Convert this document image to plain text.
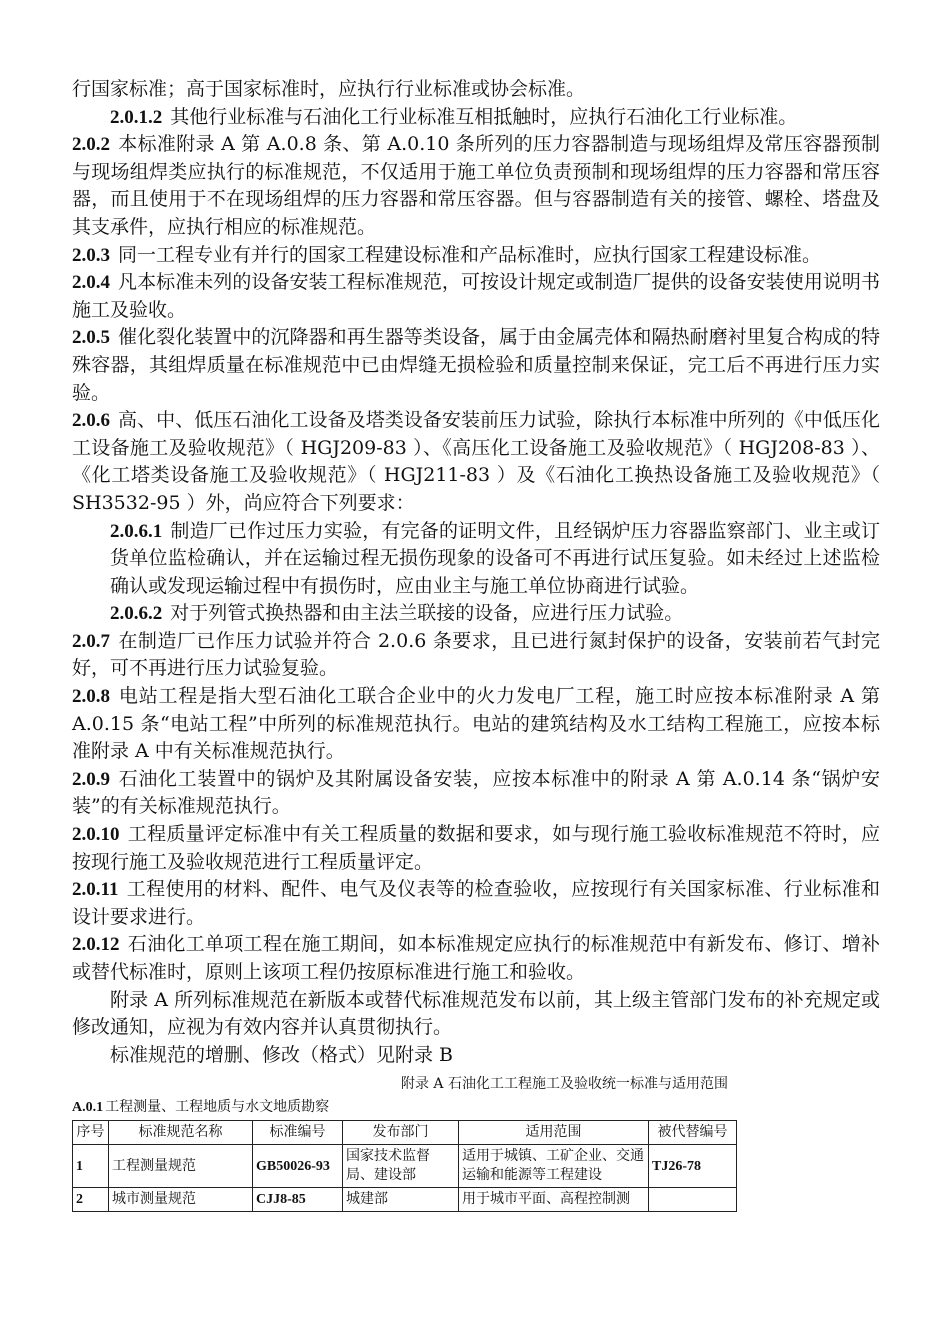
行国家标准；高于国家标准时，应执行行业标准或协会标准。
2.0.1.2 其他行业标准与石油化工行业标准互相抵触时，应执行石油化工行业标准。
2.0.2 本标准附录 A 第 A.0.8 条、第 A.0.10 条所列的压力容器制造与现场组焊及常压容器预制与现场组焊类应执行的标准规范，不仅适用于施工单位负责预制和现场组焊的压力容器和常压容器，而且使用于不在现场组焊的压力容器和常压容器。但与容器制造有关的接管、螺栓、塔盘及其支承件，应执行相应的标准规范。
2.0.3 同一工程专业有并行的国家工程建设标准和产品标准时，应执行国家工程建设标准。
2.0.4 凡本标准未列的设备安装工程标准规范，可按设计规定或制造厂提供的设备安装使用说明书施工及验收。
2.0.5 催化裂化装置中的沉降器和再生器等类设备，属于由金属壳体和隔热耐磨衬里复合构成的特殊容器，其组焊质量在标准规范中已由焊缝无损检验和质量控制来保证，完工后不再进行压力实验。
2.0.6 高、中、低压石油化工设备及塔类设备安装前压力试验，除执行本标准中所列的《中低压化工设备施工及验收规范》（ HGJ209-83 ）、《高压化工设备施工及验收规范》（ HGJ208-83 ）、《化工塔类设备施工及验收规范》（ HGJ211-83 ）及《石油化工换热设备施工及验收规范》（ SH3532-95 ）外，尚应符合下列要求：
2.0.6.1 制造厂已作过压力实验，有完备的证明文件，且经锅炉压力容器监察部门、业主或订货单位监检确认，并在运输过程无损伤现象的设备可不再进行试压复验。如未经过上述监检确认或发现运输过程中有损伤时，应由业主与施工单位协商进行试验。
2.0.6.2 对于列管式换热器和由主法兰联接的设备，应进行压力试验。
2.0.7 在制造厂已作压力试验并符合 2.0.6 条要求，且已进行氮封保护的设备，安装前若气封完好，可不再进行压力试验复验。
2.0.8 电站工程是指大型石油化工联合企业中的火力发电厂工程，施工时应按本标准附录 A 第 A.0.15 条“电站工程”中所列的标准规范执行。电站的建筑结构及水工结构工程施工，应按本标准附录 A 中有关标准规范执行。
2.0.9 石油化工装置中的锅炉及其附属设备安装，应按本标准中的附录 A 第 A.0.14 条“锅炉安装”的有关标准规范执行。
2.0.10 工程质量评定标准中有关工程质量的数据和要求，如与现行施工验收标准规范不符时，应按现行施工及验收规范进行工程质量评定。
2.0.11 工程使用的材料、配件、电气及仪表等的检查验收，应按现行有关国家标准、行业标准和设计要求进行。
2.0.12 石油化工单项工程在施工期间，如本标准规定应执行的标准规范中有新发布、修订、增补或替代标准时，原则上该项工程仍按原标准进行施工和验收。
附录 A 所列标准规范在新版本或替代标准规范发布以前，其上级主管部门发布的补充规定或修改通知，应视为有效内容并认真贯彻执行。
标准规范的增删、修改（格式）见附录 B
附录 A 石油化工工程施工及验收统一标准与适用范围
A.0.1 工程测量、工程地质与水文地质勘察
序号	标准规范名称	标准编号	发布部门	适用范围	被代替编号
1	工程测量规范	GB50026-93	国家技术监督局、建设部	适用于城镇、工矿企业、交通运输和能源等工程建设	TJ26-78
2	城市测量规范	CJJ8-85	城建部	用于城市平面、高程控制测	
